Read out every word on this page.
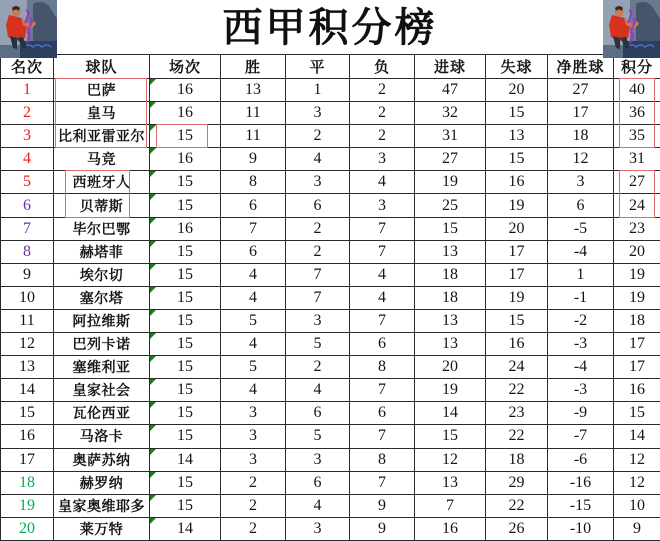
西甲积分榜
名次	球队	场次	胜	平	负	进球	失球	净胜球	积分
1	巴萨	16	13	1	2	47	20	27	40
2	皇马	16	11	3	2	32	15	17	36
3	比利亚雷亚尔	15	11	2	2	31	13	18	35
4	马竞	16	9	4	3	27	15	12	31
5	西班牙人	15	8	3	4	19	16	3	27
6	贝蒂斯	15	6	6	3	25	19	6	24
7	毕尔巴鄂	16	7	2	7	15	20	-5	23
8	赫塔菲	15	6	2	7	13	17	-4	20
9	埃尔切	15	4	7	4	18	17	1	19
10	塞尔塔	15	4	7	4	18	19	-1	19
11	阿拉维斯	15	5	3	7	13	15	-2	18
12	巴列卡诺	15	4	5	6	13	16	-3	17
13	塞维利亚	15	5	2	8	20	24	-4	17
14	皇家社会	15	4	4	7	19	22	-3	16
15	瓦伦西亚	15	3	6	6	14	23	-9	15
16	马洛卡	15	3	5	7	15	22	-7	14
17	奥萨苏纳	14	3	3	8	12	18	-6	12
18	赫罗纳	15	2	6	7	13	29	-16	12
19	皇家奥维耶多	15	2	4	9	7	22	-15	10
20	莱万特	14	2	3	9	16	26	-10	9
